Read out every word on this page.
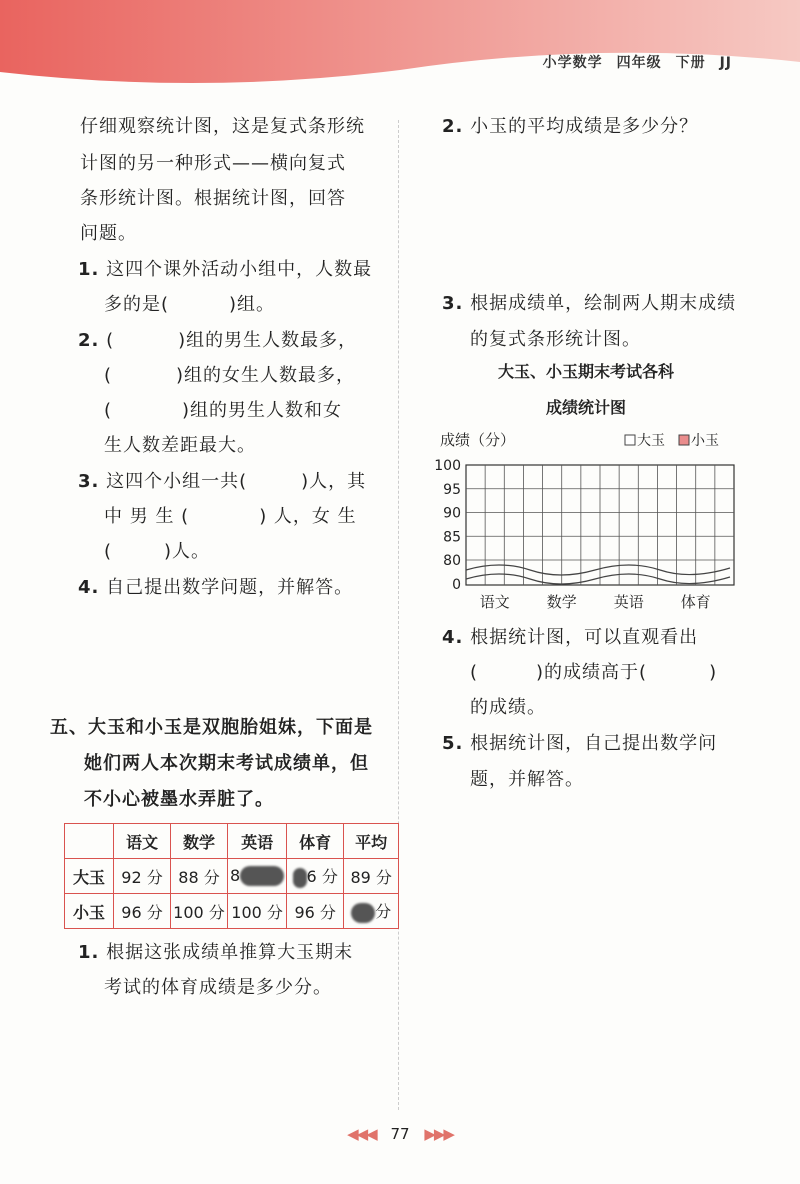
小学数学 四年级 下册 JJ
仔细观察统计图，这是复式条形统
计图的另一种形式——横向复式
条形统计图。根据统计图，回答
问题。
1. 这四个课外活动小组中，人数最
多的是(	)组。
2. (	)组的男生人数最多，
(	)组的女生人数最多，
(	)组的男生人数和女
生人数差距最大。
3. 这四个小组一共(	)人，其
中 男 生 (	) 人，女 生
(	)人。
4. 自己提出数学问题，并解答。
五、大玉和小玉是双胞胎姐妹，下面是
她们两人本次期末考试成绩单，但
不小心被墨水弄脏了。
	语文	数学	英语	体育	平均
大玉	92 分	88 分	8	6 分	89 分
小玉	96 分	100 分	100 分	96 分	分
1. 根据这张成绩单推算大玉期末
考试的体育成绩是多少分。
2. 小玉的平均成绩是多少分？
3. 根据成绩单，绘制两人期末成绩
的复式条形统计图。
大玉、小玉期末考试各科
成绩统计图
成绩（分）	大玉 小玉
80
85
90
95
100
0
语文 数学 英语 体育
4. 根据统计图，可以直观看出
(	)的成绩高于(	)
的成绩。
5. 根据统计图，自己提出数学问
题，并解答。
◀◀◀ 77 ▶▶▶
